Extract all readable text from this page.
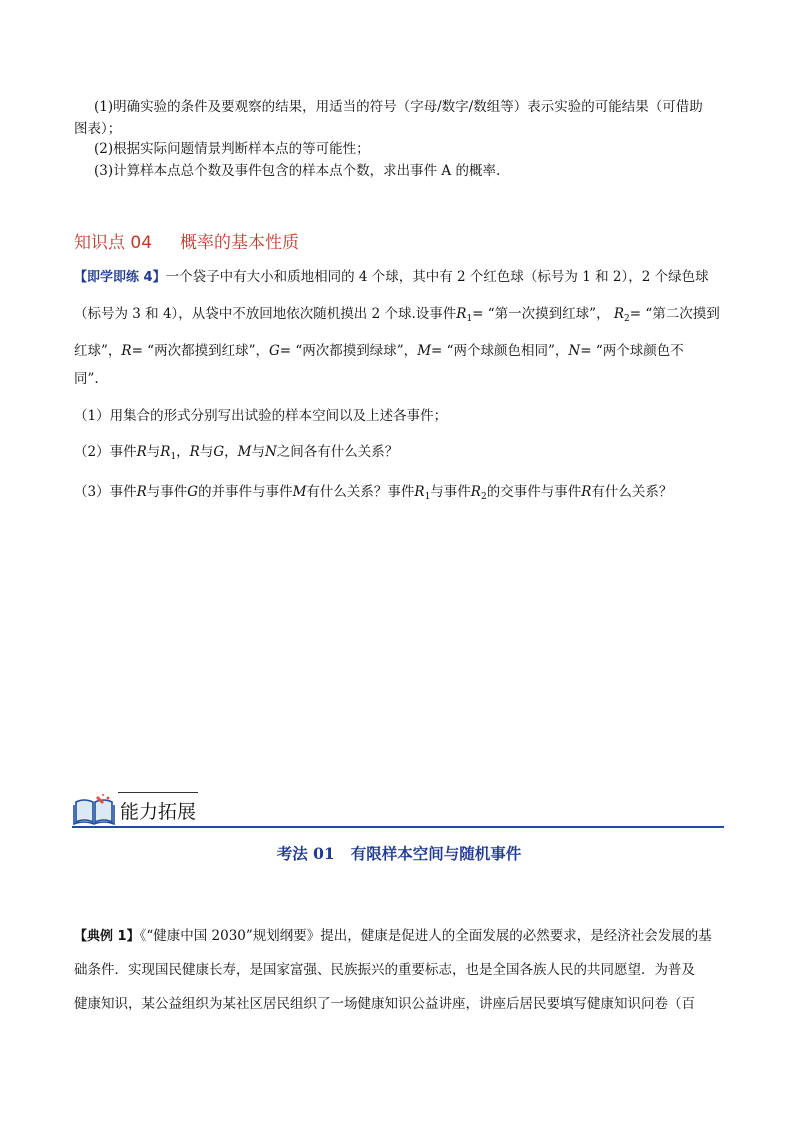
(1)明确实验的条件及要观察的结果，用适当的符号（字母/数字/数组等）表示实验的可能结果（可借助
图表）；
(2)根据实际问题情景判断样本点的等可能性；
(3)计算样本点总个数及事件包含的样本点个数，求出事件 A 的概率.
知识点 04 概率的基本性质
【即学即练 4】一个袋子中有大小和质地相同的 4 个球，其中有 2 个红色球（标号为 1 和 2），2 个绿色球
（标号为 3 和 4），从袋中不放回地依次随机摸出 2 个球.设事件$R_1=$ “第一次摸到红球”， $R_2=$ “第二次摸到
红球”，R= “两次都摸到红球”，G= “两次都摸到绿球”，M= “两个球颜色相同”，N= “两个球颜色不
同”.
（1）用集合的形式分别写出试验的样本空间以及上述各事件；
（2）事件R与$R_1$，R与G，M与N之间各有什么关系？
（3）事件R与事件G的并事件与事件M有什么关系？事件$R_1$与事件$R_2$的交事件与事件R有什么关系？
能力拓展
考法 01 有限样本空间与随机事件
【典例 1】《“健康中国 2030”规划纲要》提出，健康是促进人的全面发展的必然要求，是经济社会发展的基
础条件．实现国民健康长寿，是国家富强、民族振兴的重要标志，也是全国各族人民的共同愿望．为普及
健康知识，某公益组织为某社区居民组织了一场健康知识公益讲座，讲座后居民要填写健康知识问卷（百
